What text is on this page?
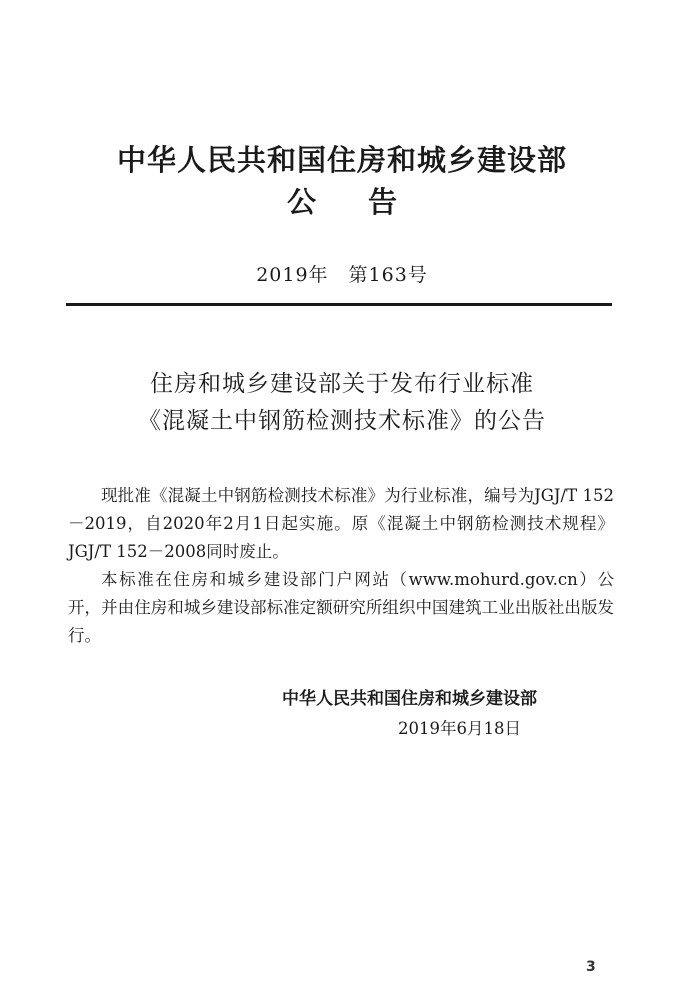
中华人民共和国住房和城乡建设部
公告
2019年　第163号
住房和城乡建设部关于发布行业标准
《混凝土中钢筋检测技术标准》的公告

现批准《混凝土中钢筋检测技术标准》为行业标准，编号为JGJ/T 152－2019，自2020年2月1日起实施。原《混凝土中钢筋检测技术规程》JGJ/T 152－2008同时废止。

本标准在住房和城乡建设部门户网站（www.mohurd.gov.cn）公开，并由住房和城乡建设部标准定额研究所组织中国建筑工业出版社出版发行。

中华人民共和国住房和城乡建设部
2019年6月18日
3
